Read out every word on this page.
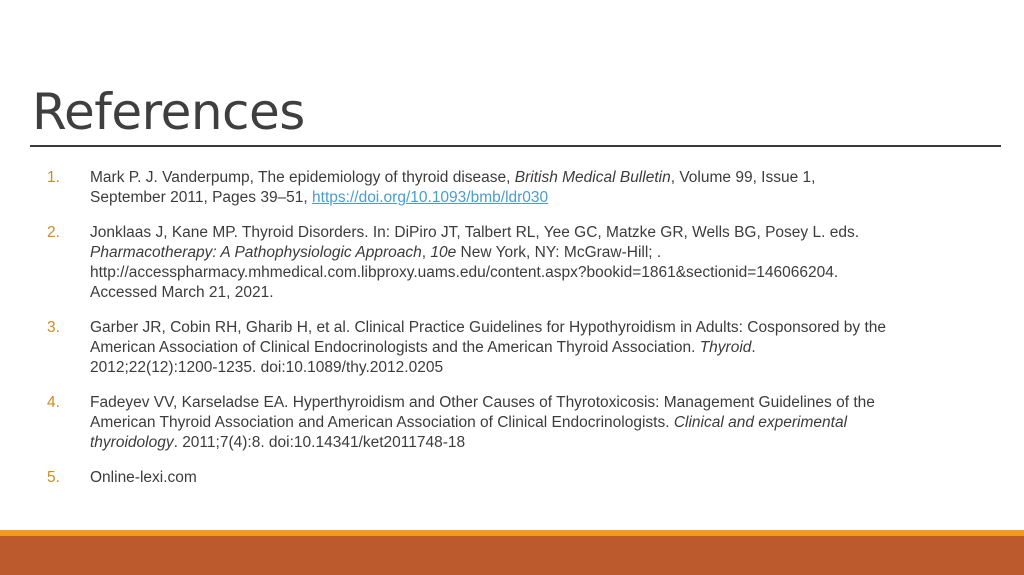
References
1. Mark P. J. Vanderpump, The epidemiology of thyroid disease, British Medical Bulletin, Volume 99, Issue 1,
September 2011, Pages 39–51, https://doi.org/10.1093/bmb/ldr030
2. Jonklaas J, Kane MP. Thyroid Disorders. In: DiPiro JT, Talbert RL, Yee GC, Matzke GR, Wells BG, Posey L. eds.
Pharmacotherapy: A Pathophysiologic Approach, 10e New York, NY: McGraw-Hill; .
http://accesspharmacy.mhmedical.com.libproxy.uams.edu/content.aspx?bookid=1861&sectionid=146066204.
Accessed March 21, 2021.
3. Garber JR, Cobin RH, Gharib H, et al. Clinical Practice Guidelines for Hypothyroidism in Adults: Cosponsored by the
American Association of Clinical Endocrinologists and the American Thyroid Association. Thyroid.
2012;22(12):1200-1235. doi:10.1089/thy.2012.0205
4. Fadeyev VV, Karseladse EA. Hyperthyroidism and Other Causes of Thyrotoxicosis: Management Guidelines of the
American Thyroid Association and American Association of Clinical Endocrinologists. Clinical and experimental
thyroidology. 2011;7(4):8. doi:10.14341/ket2011748-18
5. Online-lexi.com
